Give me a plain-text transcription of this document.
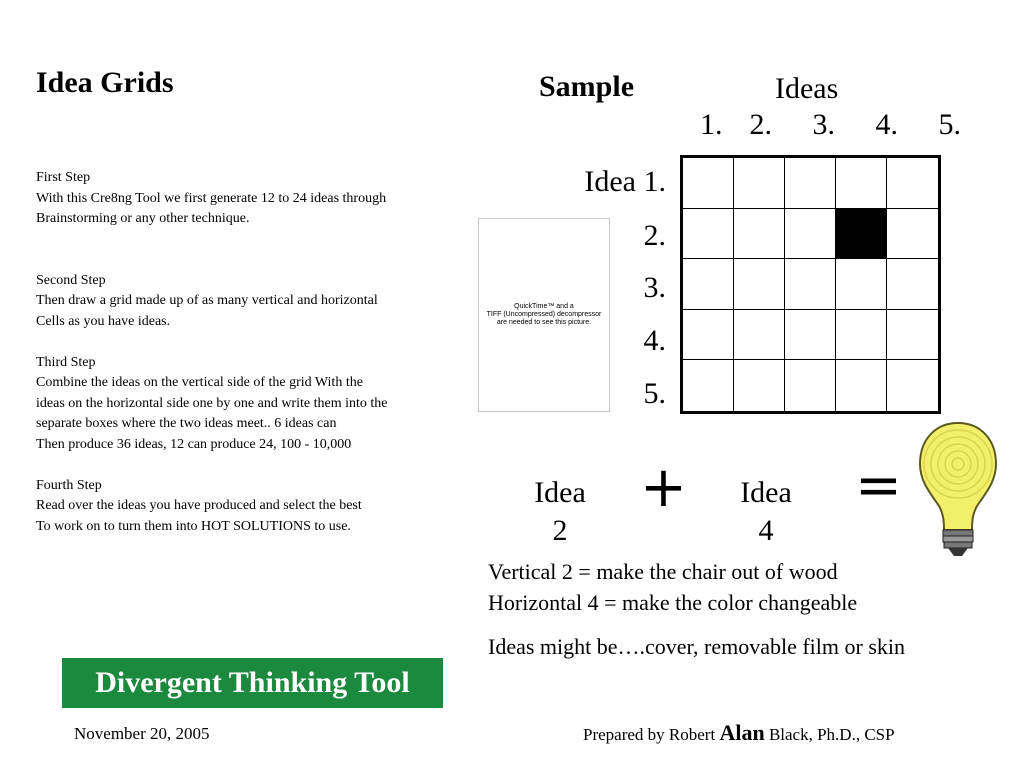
Idea Grids	Sample
First Step
With this Cre8ng Tool we first generate 12 to 24 ideas through
Brainstorming or any other technique.
Second Step
Then draw a grid made up of as many vertical and horizontal
Cells as you have ideas.
Third Step
Combine the ideas on the vertical side of the grid With the
ideas on the horizontal side one by one and write them into the
separate boxes where the two ideas meet.. 6 ideas can
Then produce 36 ideas, 12 can produce 24, 100 - 10,000
Fourth Step
Read over the ideas you have produced and select the best
To work on to turn them into HOT SOLUTIONS to use.
Ideas
1.  2.   3.   4.   5.
Idea 1.
2.
3.
4.
5.
QuickTime™ and a
TIFF (Uncompressed) decompressor
are needed to see this picture.
Idea
2
+	Idea
4
=
Vertical 2 = make the chair out of wood
Horizontal 4 = make the color changeable
Ideas might be….cover, removable film or skin
Divergent Thinking Tool
November 20, 2005	Prepared by Robert Alan Black, Ph.D., CSP
